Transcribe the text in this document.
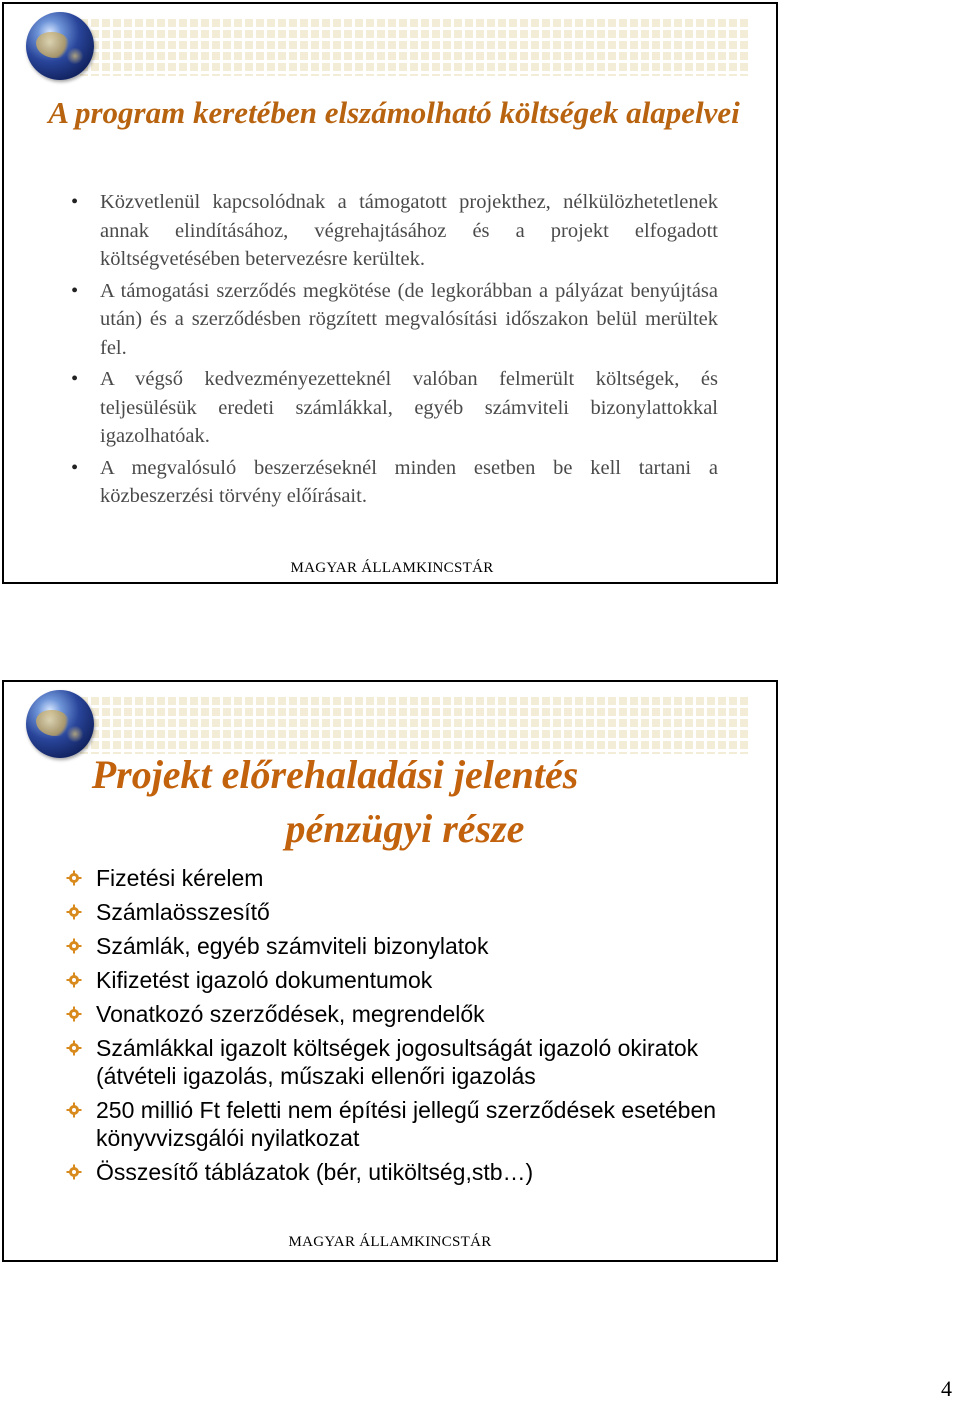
A program keretében elszámolható költségek alapelvei
• Közvetlenül kapcsolódnak a támogatott projekthez, nélkülözhetetlenek annak elindításához, végrehajtásához és a projekt elfogadott költségvetésében betervezésre kerültek.
• A támogatási szerződés megkötése (de legkorábban a pályázat benyújtása után) és a szerződésben rögzített megvalósítási időszakon belül merültek fel.
• A végső kedvezményezetteknél valóban felmerült költségek, és teljesülésük eredeti számlákkal, egyéb számviteli bizonylattokkal igazolhatóak.
• A megvalósuló beszerzéseknél minden esetben be kell tartani a közbeszerzési törvény előírásait.
MAGYAR ÁLLAMKINCSTÁR
Projekt előrehaladási jelentés
pénzügyi része
Fizetési kérelem
Számlaösszesítő
Számlák, egyéb számviteli bizonylatok
Kifizetést igazoló dokumentumok
Vonatkozó szerződések, megrendelők
Számlákkal igazolt költségek jogosultságát igazoló okiratok (átvételi igazolás, műszaki ellenőri igazolás
250 millió Ft feletti nem építési jellegű szerződések esetében könyvvizsgálói nyilatkozat
Összesítő táblázatok (bér, utiköltség,stb…)
MAGYAR ÁLLAMKINCSTÁR
4
